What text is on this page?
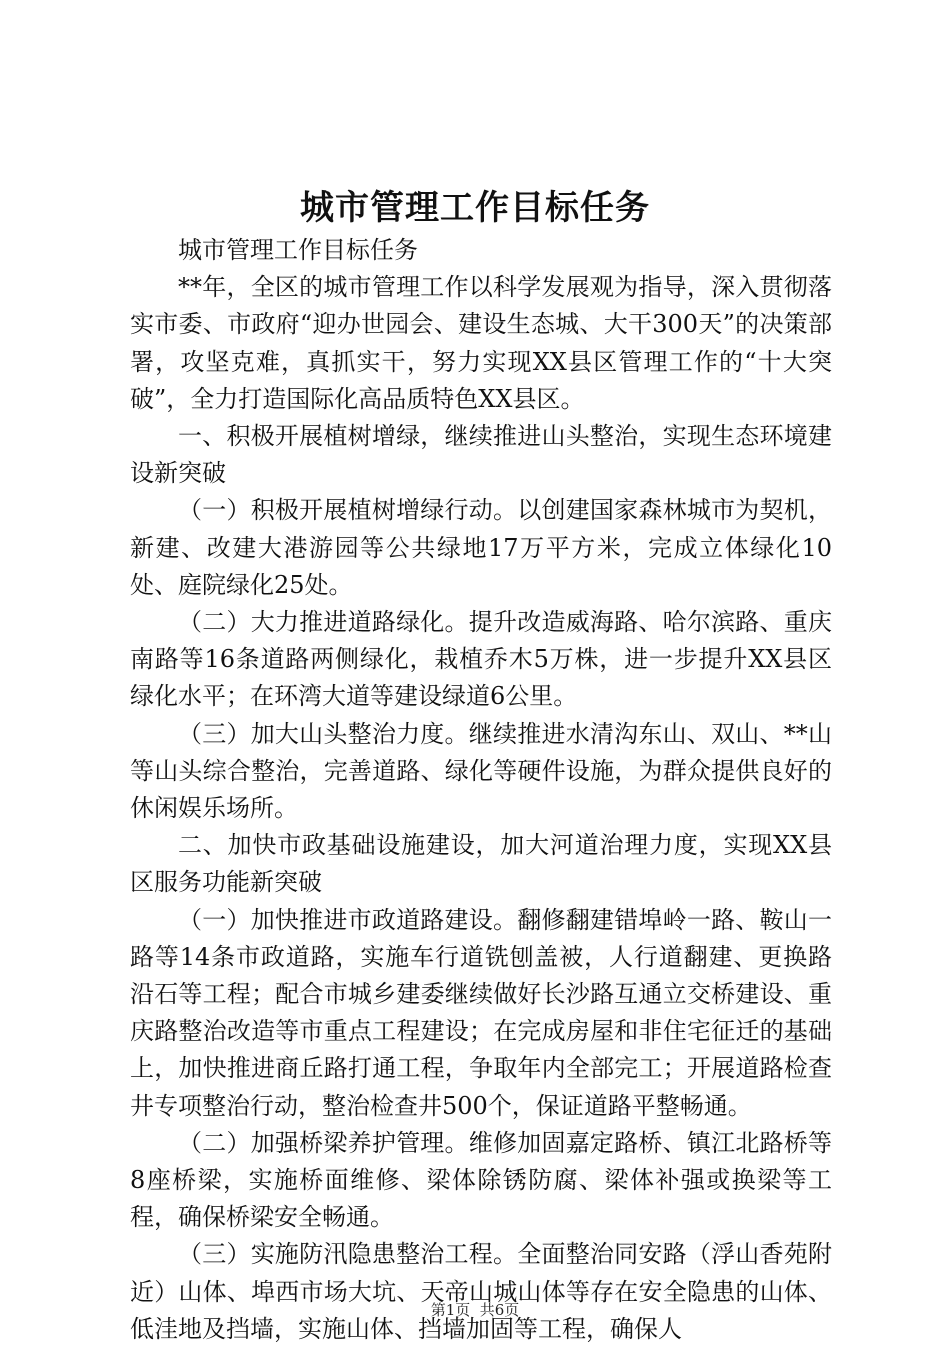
城市管理工作目标任务

城市管理工作目标任务

**年，全区的城市管理工作以科学发展观为指导，深入贯彻落实市委、市政府“迎办世园会、建设生态城、大干300天”的决策部署，攻坚克难，真抓实干，努力实现XX县区管理工作的“十大突破”，全力打造国际化高品质特色XX县区。

一、积极开展植树增绿，继续推进山头整治，实现生态环境建设新突破

（一）积极开展植树增绿行动。以创建国家森林城市为契机，新建、改建大港游园等公共绿地17万平方米，完成立体绿化10处、庭院绿化25处。

（二）大力推进道路绿化。提升改造威海路、哈尔滨路、重庆南路等16条道路两侧绿化，栽植乔木5万株，进一步提升XX县区绿化水平；在环湾大道等建设绿道6公里。

（三）加大山头整治力度。继续推进水清沟东山、双山、**山等山头综合整治，完善道路、绿化等硬件设施，为群众提供良好的休闲娱乐场所。

二、加快市政基础设施建设，加大河道治理力度，实现XX县区服务功能新突破

（一）加快推进市政道路建设。翻修翻建错埠岭一路、鞍山一路等14条市政道路，实施车行道铣刨盖被，人行道翻建、更换路沿石等工程；配合市城乡建委继续做好长沙路互通立交桥建设、重庆路整治改造等市重点工程建设；在完成房屋和非住宅征迁的基础上，加快推进商丘路打通工程，争取年内全部完工；开展道路检查井专项整治行动，整治检查井500个，保证道路平整畅通。

（二）加强桥梁养护管理。维修加固嘉定路桥、镇江北路桥等8座桥梁，实施桥面维修、梁体除锈防腐、梁体补强或换梁等工程，确保桥梁安全畅通。

（三）实施防汛隐患整治工程。全面整治同安路（浮山香苑附近）山体、埠西市场大坑、天帝山城山体等存在安全隐患的山体、低洼地及挡墙，实施山体、挡墙加固等工程，确保人

第1页  共6页
